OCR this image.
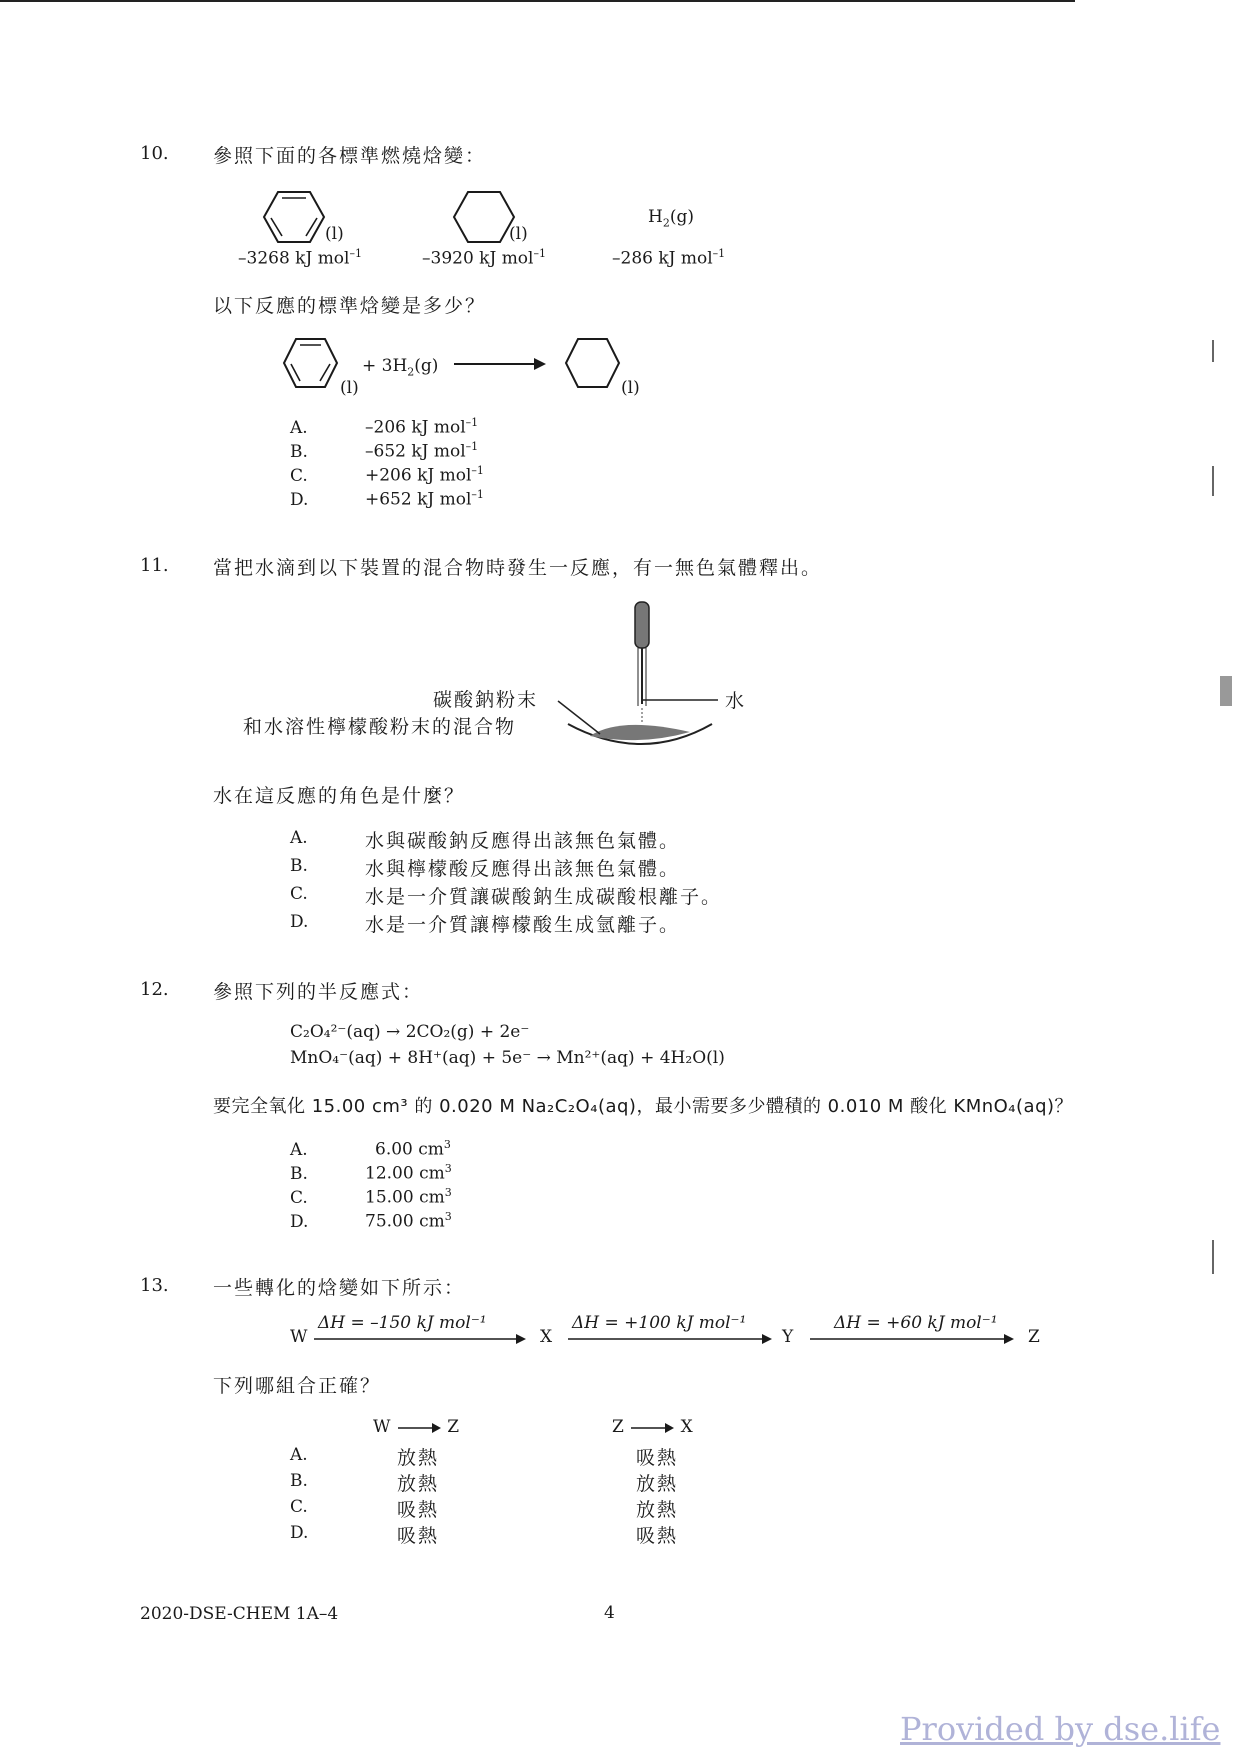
10. 參照下面的各標準燃燒焓變：
(l)
–3268 kJ mol$^{-1}$
(l)
–3920 kJ mol$^{-1}$
$H_2(g)$
–286 kJ mol$^{-1}$
以下反應的標準焓變是多少？
(l)
+ $3H_2(g)$
(l)
A.	–206 kJ mol$^{-1}$
B.	–652 kJ mol$^{-1}$
C.	+206 kJ mol$^{-1}$
D.	+652 kJ mol$^{-1}$
11. 當把水滴到以下裝置的混合物時發生一反應，有一無色氣體釋出。
碳酸鈉粉末
和水溶性檸檬酸粉末的混合物
水
水在這反應的角色是什麼？
A.	水與碳酸鈉反應得出該無色氣體。
B.	水與檸檬酸反應得出該無色氣體。
C.	水是一介質讓碳酸鈉生成碳酸根離子。
D.	水是一介質讓檸檬酸生成氫離子。
12. 參照下列的半反應式：
C₂O₄²⁻(aq) → 2CO₂(g) + 2e⁻
MnO₄⁻(aq) + 8H⁺(aq) + 5e⁻ → Mn²⁺(aq) + 4H₂O(l)
要完全氧化 15.00 cm³ 的 0.020 M Na₂C₂O₄(aq)，最小需要多少體積的 0.010 M 酸化 KMnO₄(aq)？
A.	6.00 $cm^3$
B.	12.00 $cm^3$
C.	15.00 $cm^3$
D.	75.00 $cm^3$
13. 一些轉化的焓變如下所示：
W
ΔH = –150 kJ mol⁻¹
X
ΔH = +100 kJ mol⁻¹
Y
ΔH = +60 kJ mol⁻¹
Z
下列哪組合正確？
W	Z	Z	X
A.	放熱	吸熱
B.	放熱	放熱
C.	吸熱	放熱
D.	吸熱	吸熱
2020-DSE-CHEM 1A–4	4
Provided by dse.life
